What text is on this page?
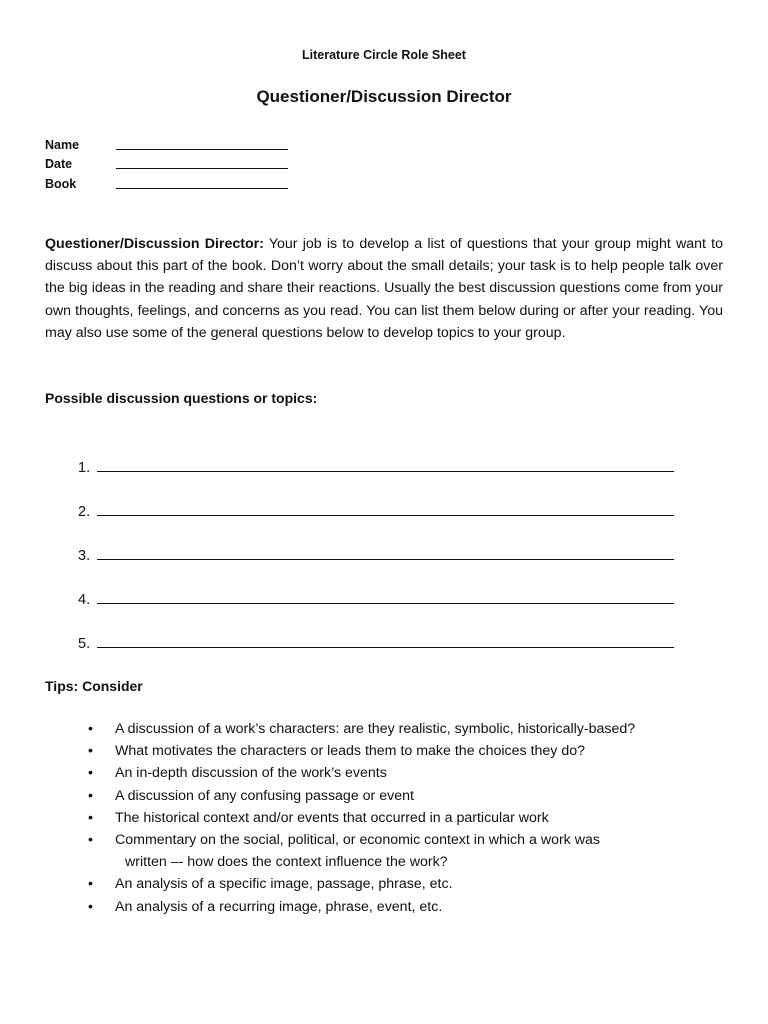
Literature Circle Role Sheet
Questioner/Discussion Director
Name
Date
Book
Questioner/Discussion Director: Your job is to develop a list of questions that your group might want to discuss about this part of the book. Don’t worry about the small details; your task is to help people talk over the big ideas in the reading and share their reactions. Usually the best discussion questions come from your own thoughts, feelings, and concerns as you read. You can list them below during or after your reading. You may also use some of the general questions below to develop topics to your group.
Possible discussion questions or topics:
1.
2.
3.
4.
5.
Tips: Consider
• A discussion of a work’s characters: are they realistic, symbolic, historically-based?
• What motivates the characters or leads them to make the choices they do?
• An in-depth discussion of the work’s events
• A discussion of any confusing passage or event
• The historical context and/or events that occurred in a particular work
• Commentary on the social, political, or economic context in which a work was
written –- how does the context influence the work?
• An analysis of a specific image, passage, phrase, etc.
• An analysis of a recurring image, phrase, event, etc.
